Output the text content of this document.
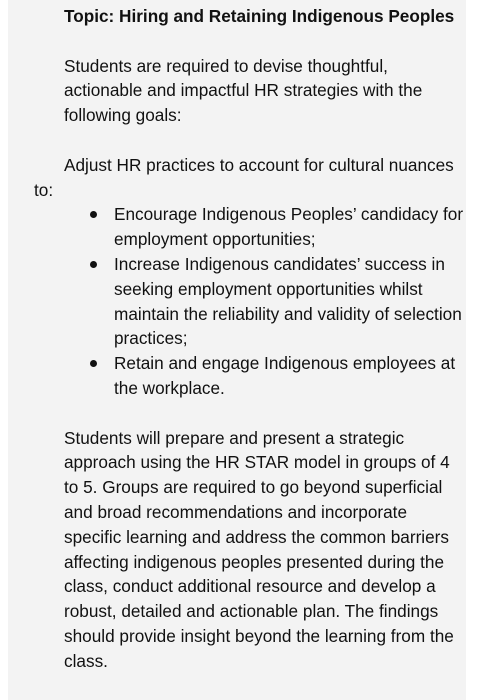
Topic: Hiring and Retaining Indigenous Peoples

Students are required to devise thoughtful, actionable and impactful HR strategies with the following goals:

Adjust HR practices to account for cultural nuances to:

Encourage Indigenous Peoples’ candidacy for employment opportunities;
Increase Indigenous candidates’ success in seeking employment opportunities whilst maintain the reliability and validity of selection practices;
Retain and engage Indigenous employees at the workplace.

Students will prepare and present a strategic approach using the HR STAR model in groups of 4 to 5. Groups are required to go beyond superficial and broad recommendations and incorporate specific learning and address the common barriers affecting indigenous peoples presented during the class, conduct additional resource and develop a robust, detailed and actionable plan. The findings should provide insight beyond the learning from the class.
